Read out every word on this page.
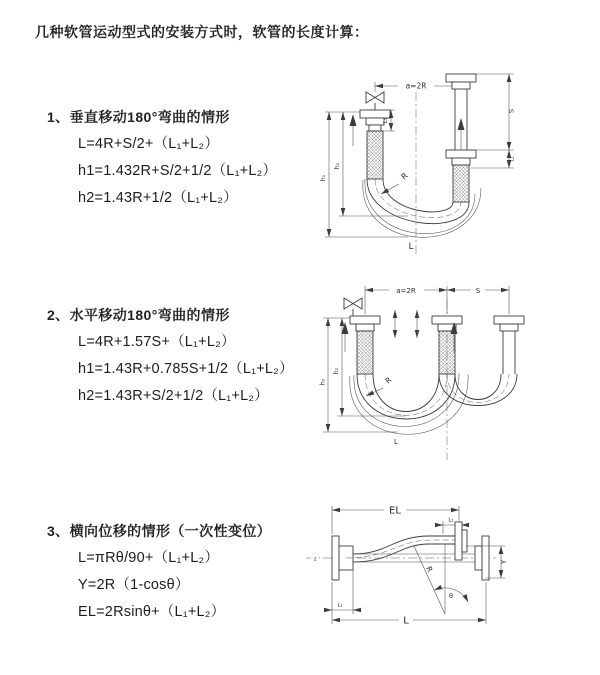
几种软管运动型式的安装方式时，软管的长度计算：
1、垂直移动180°弯曲的情形
L=4R+S/2+（L₁+L₂）
h1=1.432R+S/2+1/2（L₁+L₂）
h2=1.43R+1/2（L₁+L₂）
2、水平移动180°弯曲的情形
L=4R+1.57S+（L₁+L₂）
h1=1.43R+0.785S+1/2（L₁+L₂）
h2=1.43R+S/2+1/2（L₁+L₂）
3、横向位移的情形（一次性变位）
L=πRθ/90+（L₁+L₂）
Y=2R（1-cosθ）
EL=2Rsinθ+（L₁+L₂）
a=2R
L₁
h₂
h₁
S
L₂
R
L
a=2R	S
h₂
h₁	R
L
z
EL
L₂
Y
R
θ
L
L₁
